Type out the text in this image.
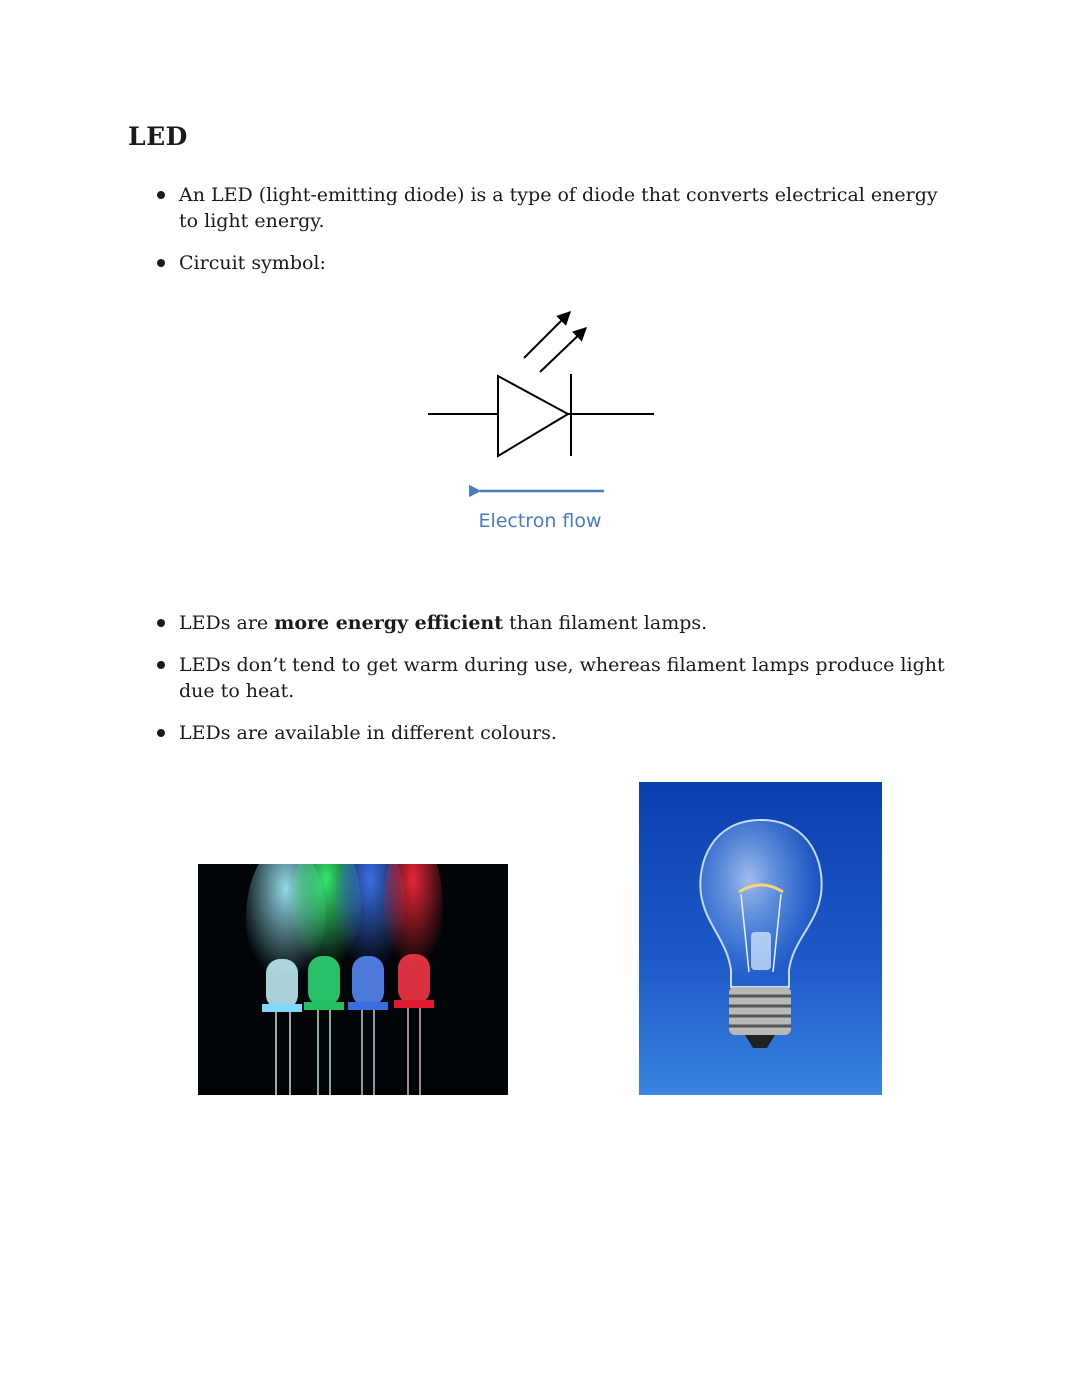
LED
An LED (light-emitting diode) is a type of diode that converts electrical energy to light energy.
Circuit symbol:
Electron flow
LEDs are more energy efficient than filament lamps.
LEDs don’t tend to get warm during use, whereas filament lamps produce light due to heat.
LEDs are available in different colours.
